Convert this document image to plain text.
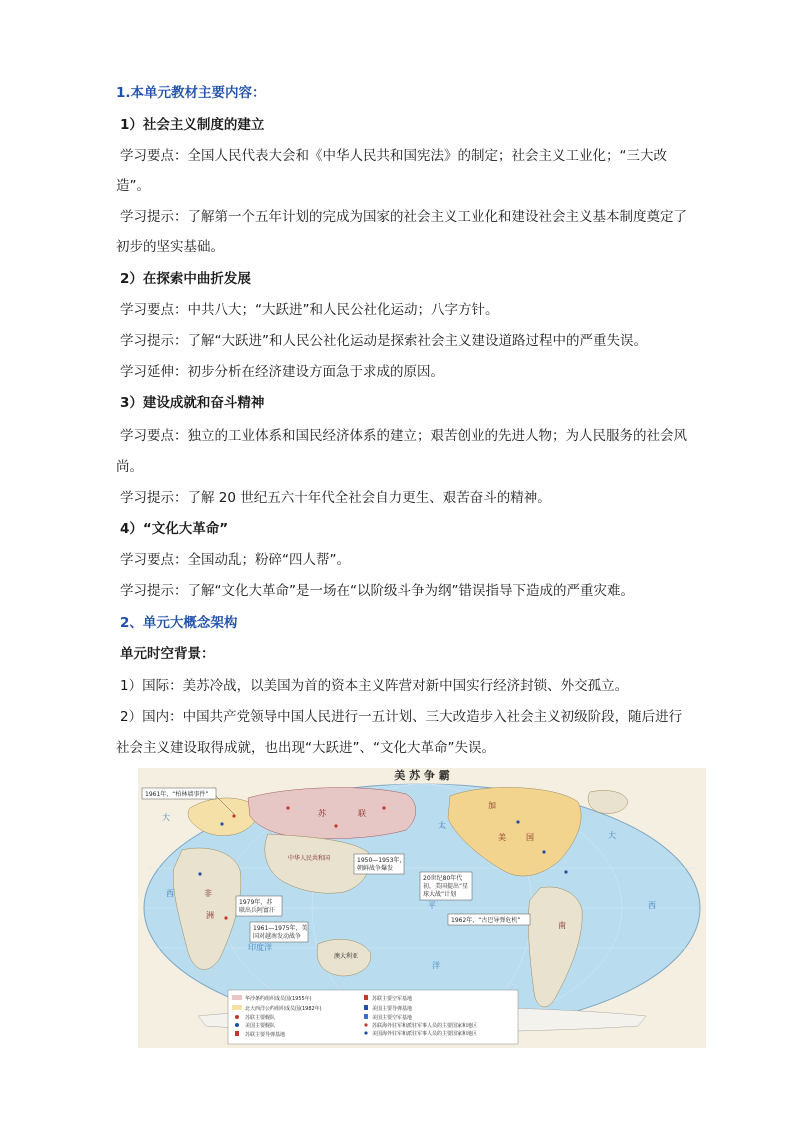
1.本单元教材主要内容：
1）社会主义制度的建立
学习要点：全国人民代表大会和《中华人民共和国宪法》的制定；社会主义工业化；“三大改
造”。
学习提示：了解第一个五年计划的完成为国家的社会主义工业化和建设社会主义基本制度奠定了
初步的坚实基础。
2）在探索中曲折发展
学习要点：中共八大；“大跃进”和人民公社化运动；八字方针。
学习提示：了解“大跃进”和人民公社化运动是探索社会主义建设道路过程中的严重失误。
学习延伸：初步分析在经济建设方面急于求成的原因。
3）建设成就和奋斗精神
学习要点：独立的工业体系和国民经济体系的建立；艰苦创业的先进人物；为人民服务的社会风
尚。
学习提示：了解 20 世纪五六十年代全社会自力更生、艰苦奋斗的精神。
4）“文化大革命”
学习要点：全国动乱；粉碎“四人帮”。
学习提示：了解“文化大革命”是一场在“以阶级斗争为纲”错误指导下造成的严重灾难。
2、单元大概念架构
单元时空背景：
1）国际：美苏冷战，以美国为首的资本主义阵营对新中国实行经济封锁、外交孤立。
2）国内：中国共产党领导中国人民进行一五计划、三大改造步入社会主义初级阶段，随后进行
社会主义建设取得成就，也出现“大跃进”、“文化大革命”失误。
美 苏 争 霸
中华人民共和国
澳大利亚
印度洋
大
西
太
平
洋
西
大
苏	联
非
洲
美	国
加
南
1961年，“柏林墙事件”
1950—1953年，
朝鲜战争爆发
1979年，苏
联出兵阿富汗
1961—1975年，美
国对越南发动战争
20世纪80年代
初，美国提出“星
球大战”计划
1962年，“古巴导弹危机”
华沙条约组织成员国(1955年)
北大西洋公约组织成员国(1982年)
苏联主要舰队
美国主要舰队
苏联主要导弹基地
苏联主要空军基地
美国主要导弹基地
美国主要空军基地
苏联海外驻军和派驻军事人员的主要国家和地区
美国海外驻军和派驻军事人员的主要国家和地区
